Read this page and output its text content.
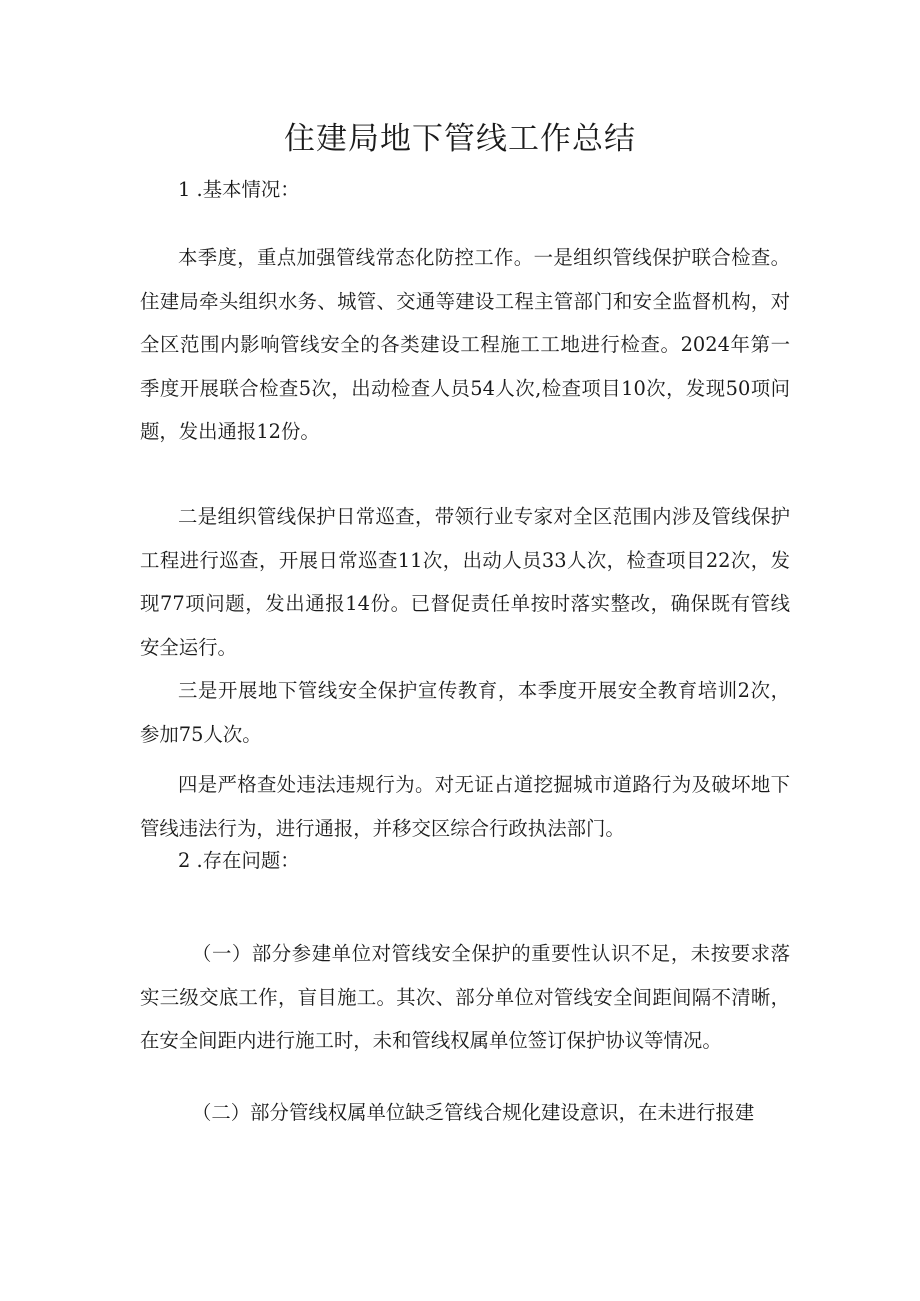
住建局地下管线工作总结

1 .基本情况：

本季度，重点加强管线常态化防控工作。一是组织管线保护联合检查。住建局牵头组织水务、城管、交通等建设工程主管部门和安全监督机构，对全区范围内影响管线安全的各类建设工程施工工地进行检查。2024年第一季度开展联合检查5次，出动检查人员54人次,检查项目10次，发现50项问题，发出通报12份。

二是组织管线保护日常巡查，带领行业专家对全区范围内涉及管线保护工程进行巡查，开展日常巡查11次，出动人员33人次，检查项目22次，发现77项问题，发出通报14份。已督促责任单按时落实整改，确保既有管线安全运行。

三是开展地下管线安全保护宣传教育，本季度开展安全教育培训2次，参加75人次。

四是严格查处违法违规行为。对无证占道挖掘城市道路行为及破坏地下管线违法行为，进行通报，并移交区综合行政执法部门。

2 .存在问题：

（一）部分参建单位对管线安全保护的重要性认识不足，未按要求落实三级交底工作，盲目施工。其次、部分单位对管线安全间距间隔不清晰，在安全间距内进行施工时，未和管线权属单位签订保护协议等情况。

（二）部分管线权属单位缺乏管线合规化建设意识，在未进行报建
